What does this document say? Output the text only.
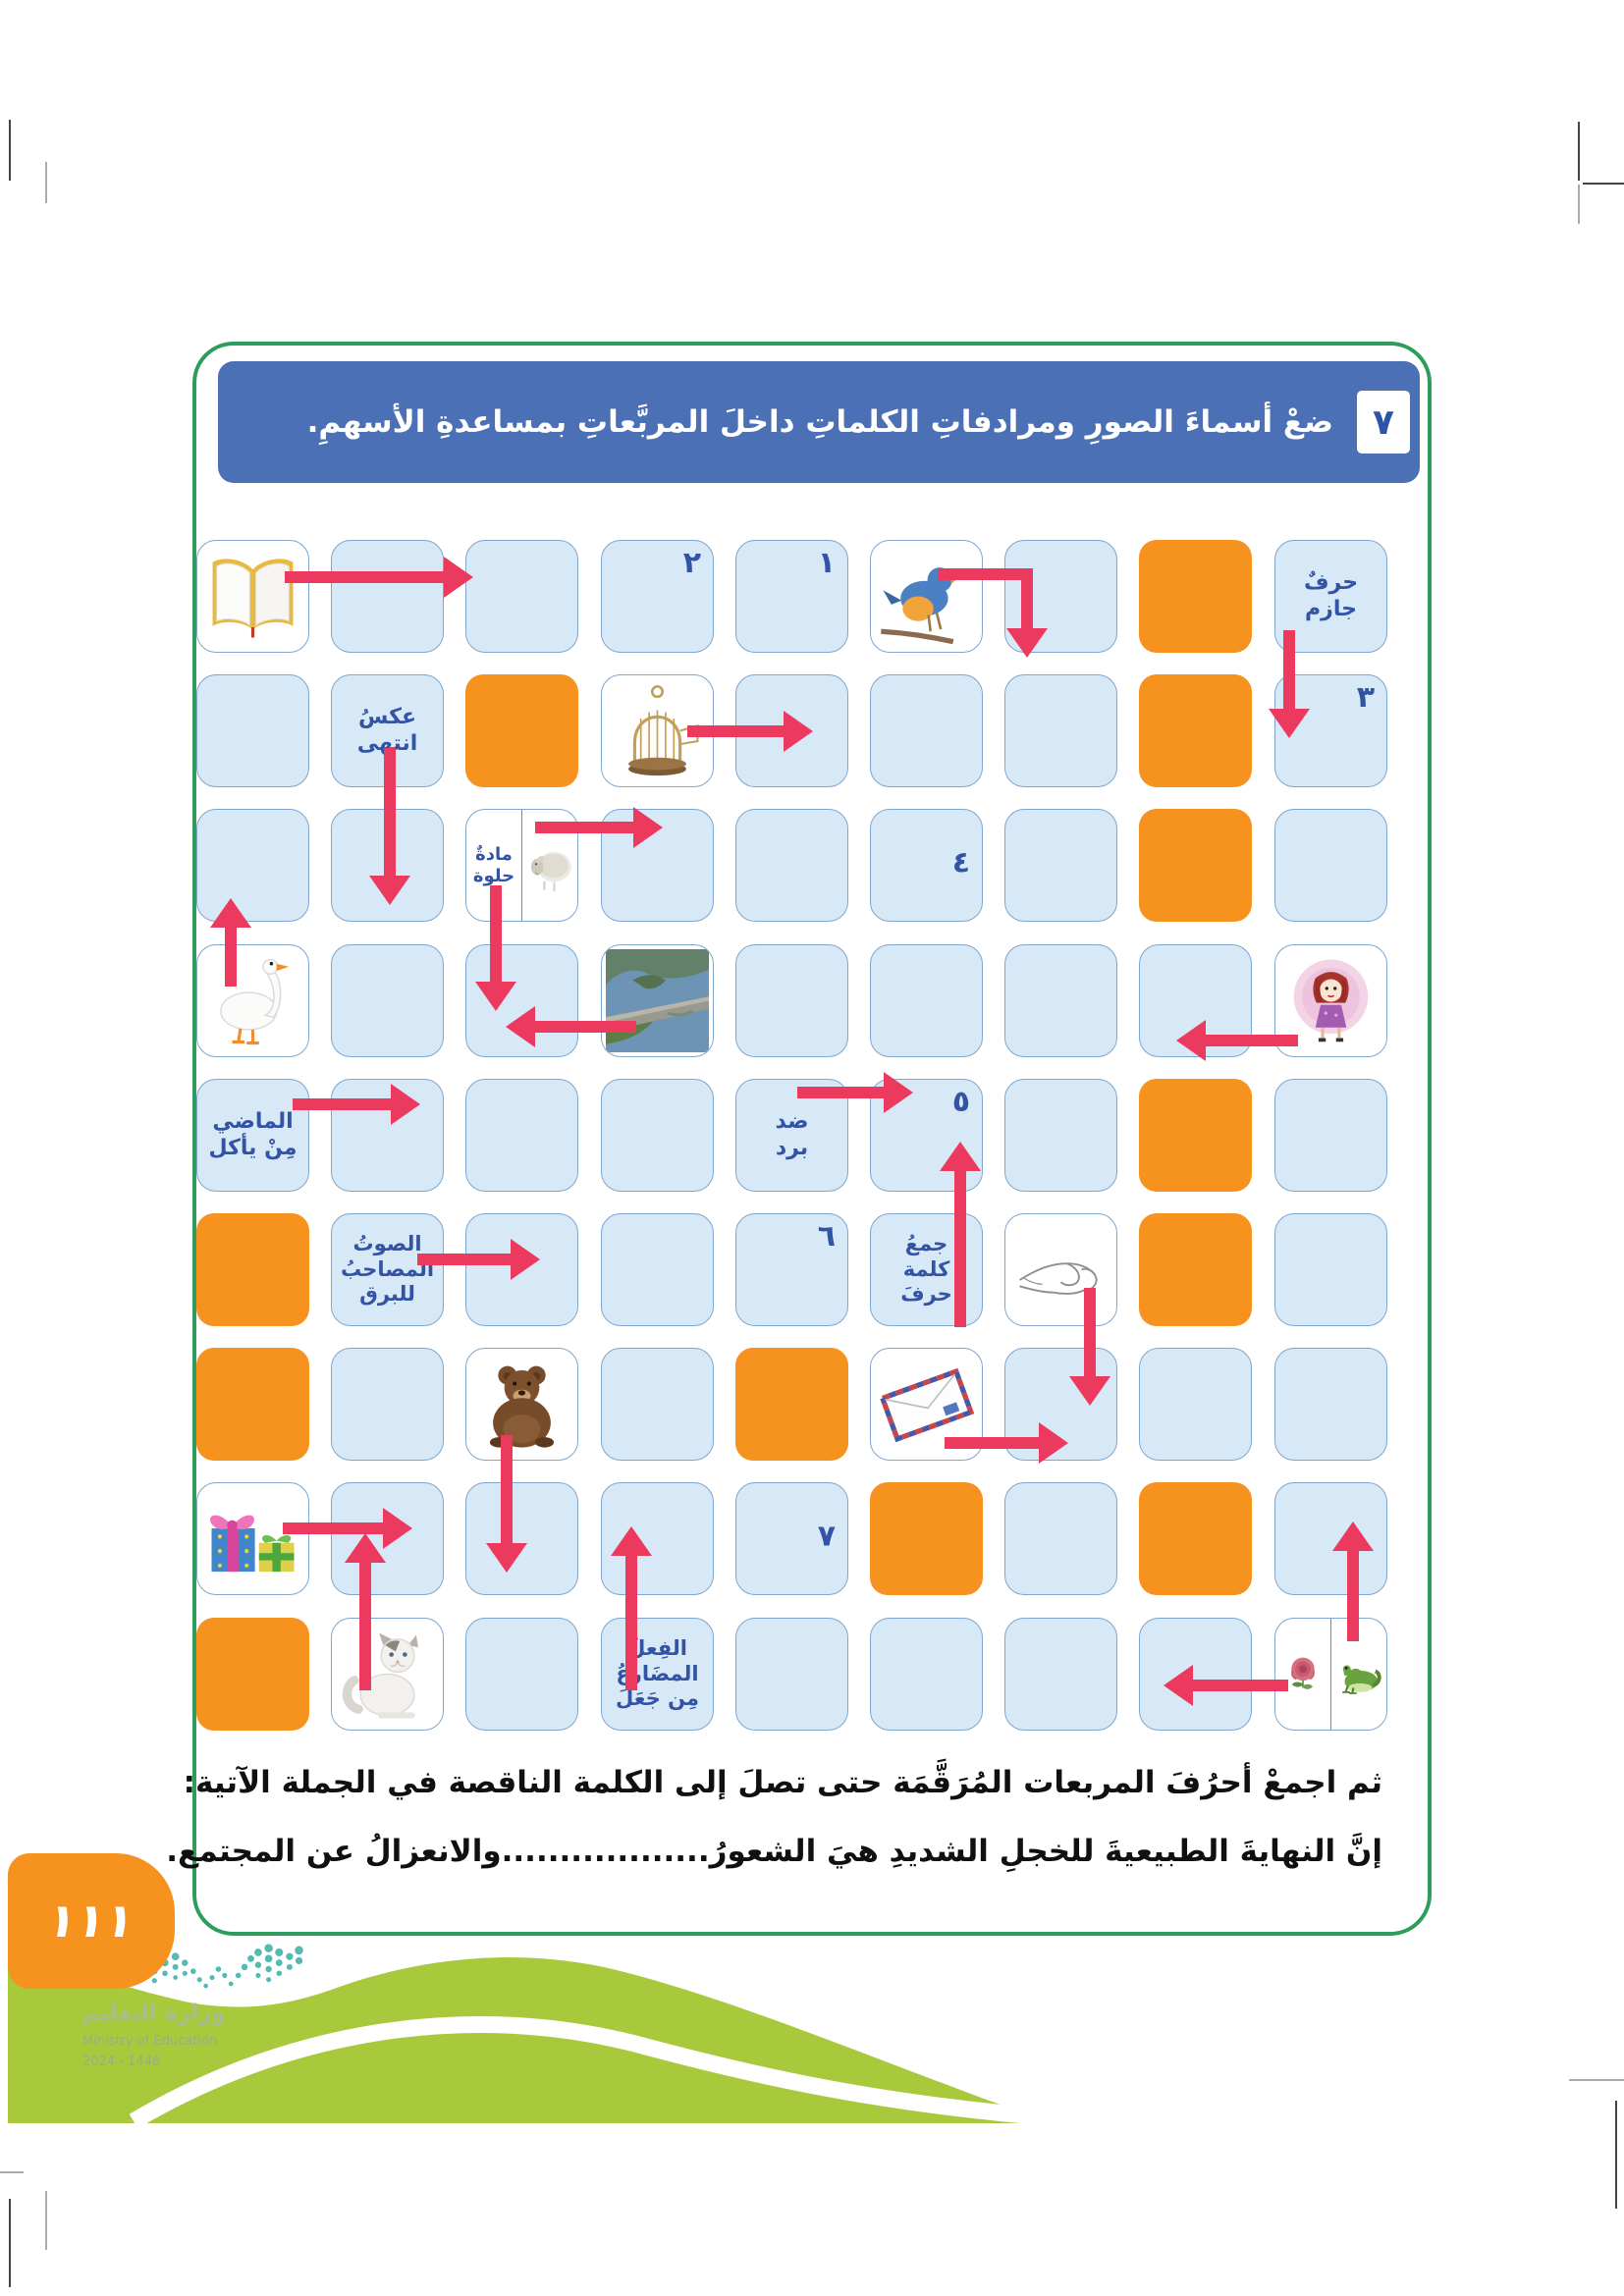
ضعْ أسماءَ الصورِ ومرادفاتِ الكلماتِ داخلَ المربَّعاتِ بمساعدةِ الأسهمِ.	٧
٢	١
حرفٌ
جازم
عكسُ
انتهى
٣
مادةٌ
حلوة	٤
الماضي
مِنْ يأكل
ضد
برد
٥
الصوتُ
المصاحبُ
للبرق
٦	جمعُ
كلمة
حرفَ
٧
الفِعلُ
المضَارعُ
مِن جَعَلَ
ثم اجمعْ أحرُفَ المربعات المُرَقَّمَة حتى تصلَ إلى الكلمة الناقصة في الجملة الآتية:
إنَّ النهايةَ الطبيعيةَ للخجلِ الشديدِ هيَ الشعورُ..................والانعزالُ عن المجتمع.
١١١
وزارة التعليم
Ministry of Education
2024 - 1446
